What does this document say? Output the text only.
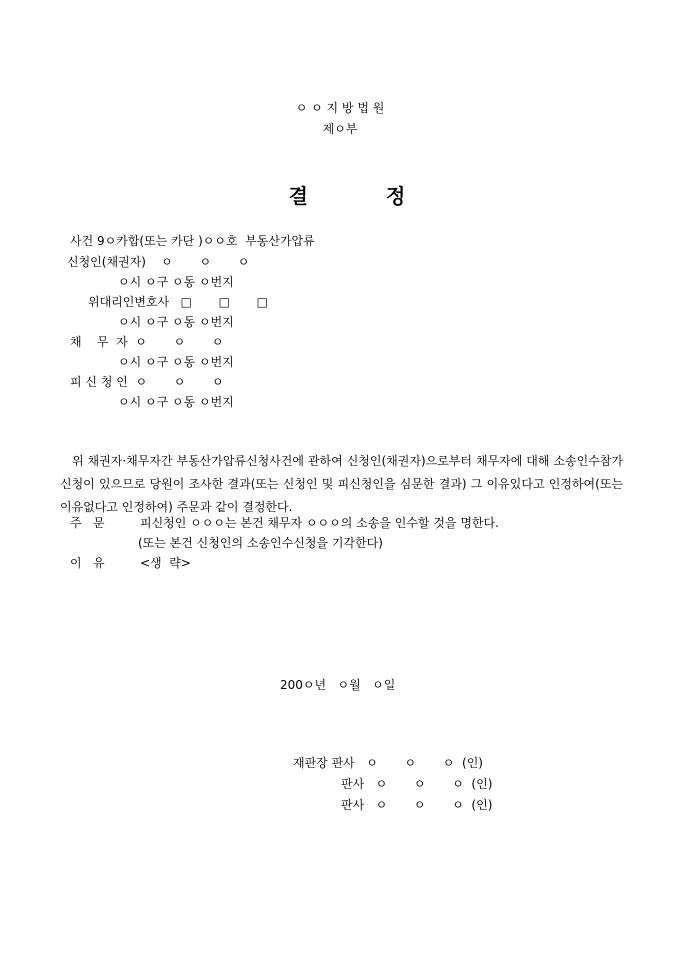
ㅇ ㅇ 지 방 법 원
제ㅇ부

결	정

사건 9ㅇ카합(또는 카단 )ㅇㅇ호  부동산가압류
신청인(채권자)    ㅇ       ㅇ       ㅇ
ㅇ시 ㅇ구 ㅇ동 ㅇ번지
위대리인변호사   □       □       □
ㅇ시 ㅇ구 ㅇ동 ㅇ번지
채    무  자  ㅇ       ㅇ       ㅇ
ㅇ시 ㅇ구 ㅇ동 ㅇ번지
피 신 청 인  ㅇ       ㅇ       ㅇ
ㅇ시 ㅇ구 ㅇ동 ㅇ번지
위 채권자·채무자간 부동산가압류신청사건에 관하여 신청인(채권자)으로부터 채무자에 대해 소송인수참가신청이 있으므로 당원이 조사한 결과(또는 신청인 및 피신청인을 심문한 결과) 그 이유있다고 인정하여(또는 이유없다고 인정하여) 주문과 같이 결정한다.
주   문	피신청인 ㅇㅇㅇ는 본건 채무자 ㅇㅇㅇ의 소송을 인수할 것을 명한다.
(또는 본건 신청인의 소송인수신청을 기각한다)
이   유	<생  략>
200ㅇ년   ㅇ월   ㅇ일
재판장 판사   ㅇ       ㅇ       ㅇ  (인)
판사   ㅇ       ㅇ       ㅇ  (인)
판사   ㅇ       ㅇ       ㅇ  (인)
